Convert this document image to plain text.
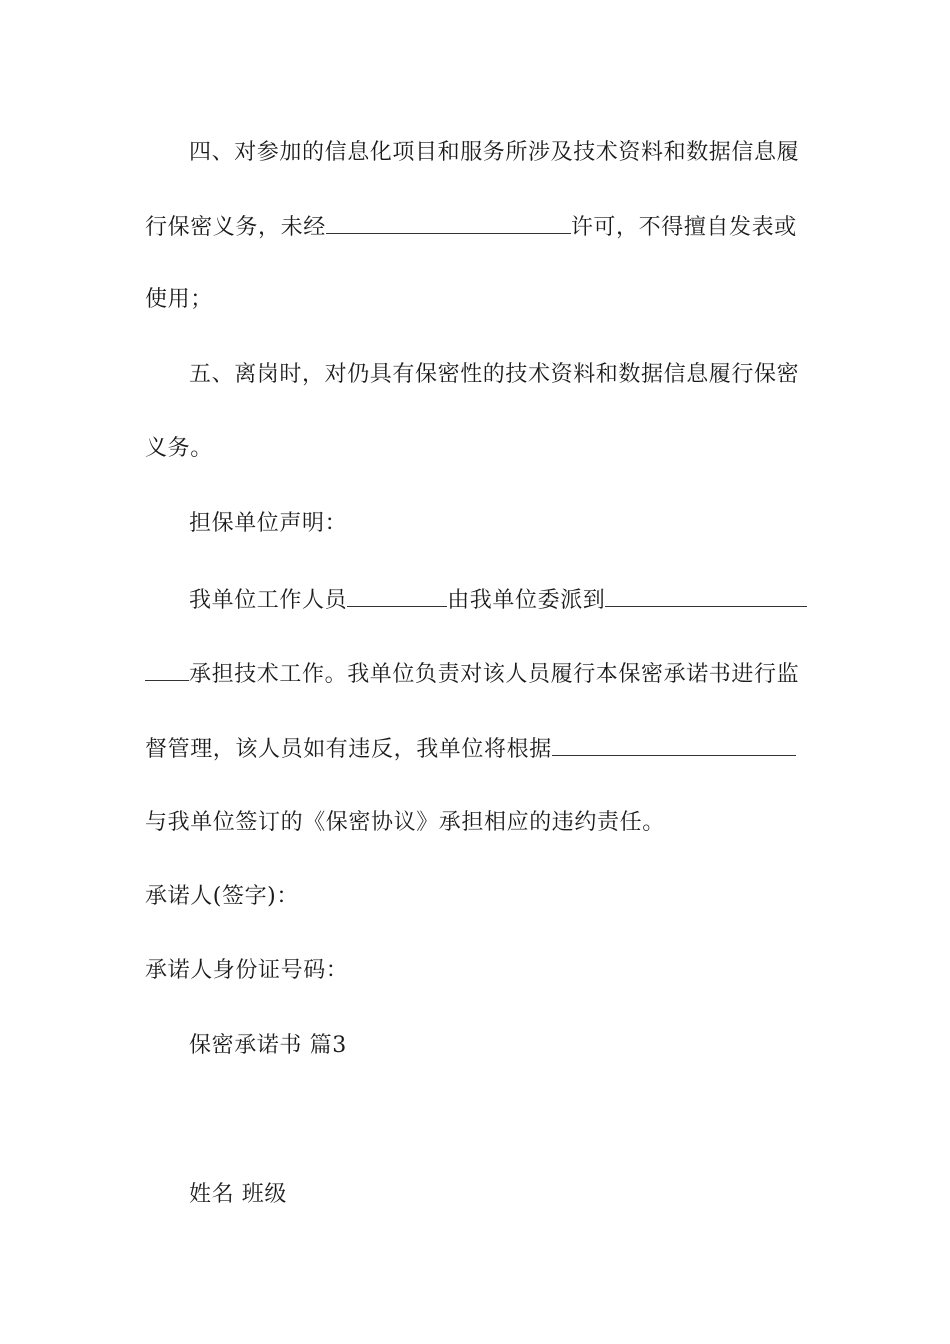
四、对参加的信息化项目和服务所涉及技术资料和数据信息履
行保密义务，未经	许可，不得擅自发表或
使用；
五、离岗时，对仍具有保密性的技术资料和数据信息履行保密
义务。
担保单位声明：
我单位工作人员	由我单位委派到
承担技术工作。我单位负责对该人员履行本保密承诺书进行监
督管理，该人员如有违反，我单位将根据
与我单位签订的《保密协议》承担相应的违约责任。
承诺人(签字)：
承诺人身份证号码：
保密承诺书 篇3
姓名 班级
